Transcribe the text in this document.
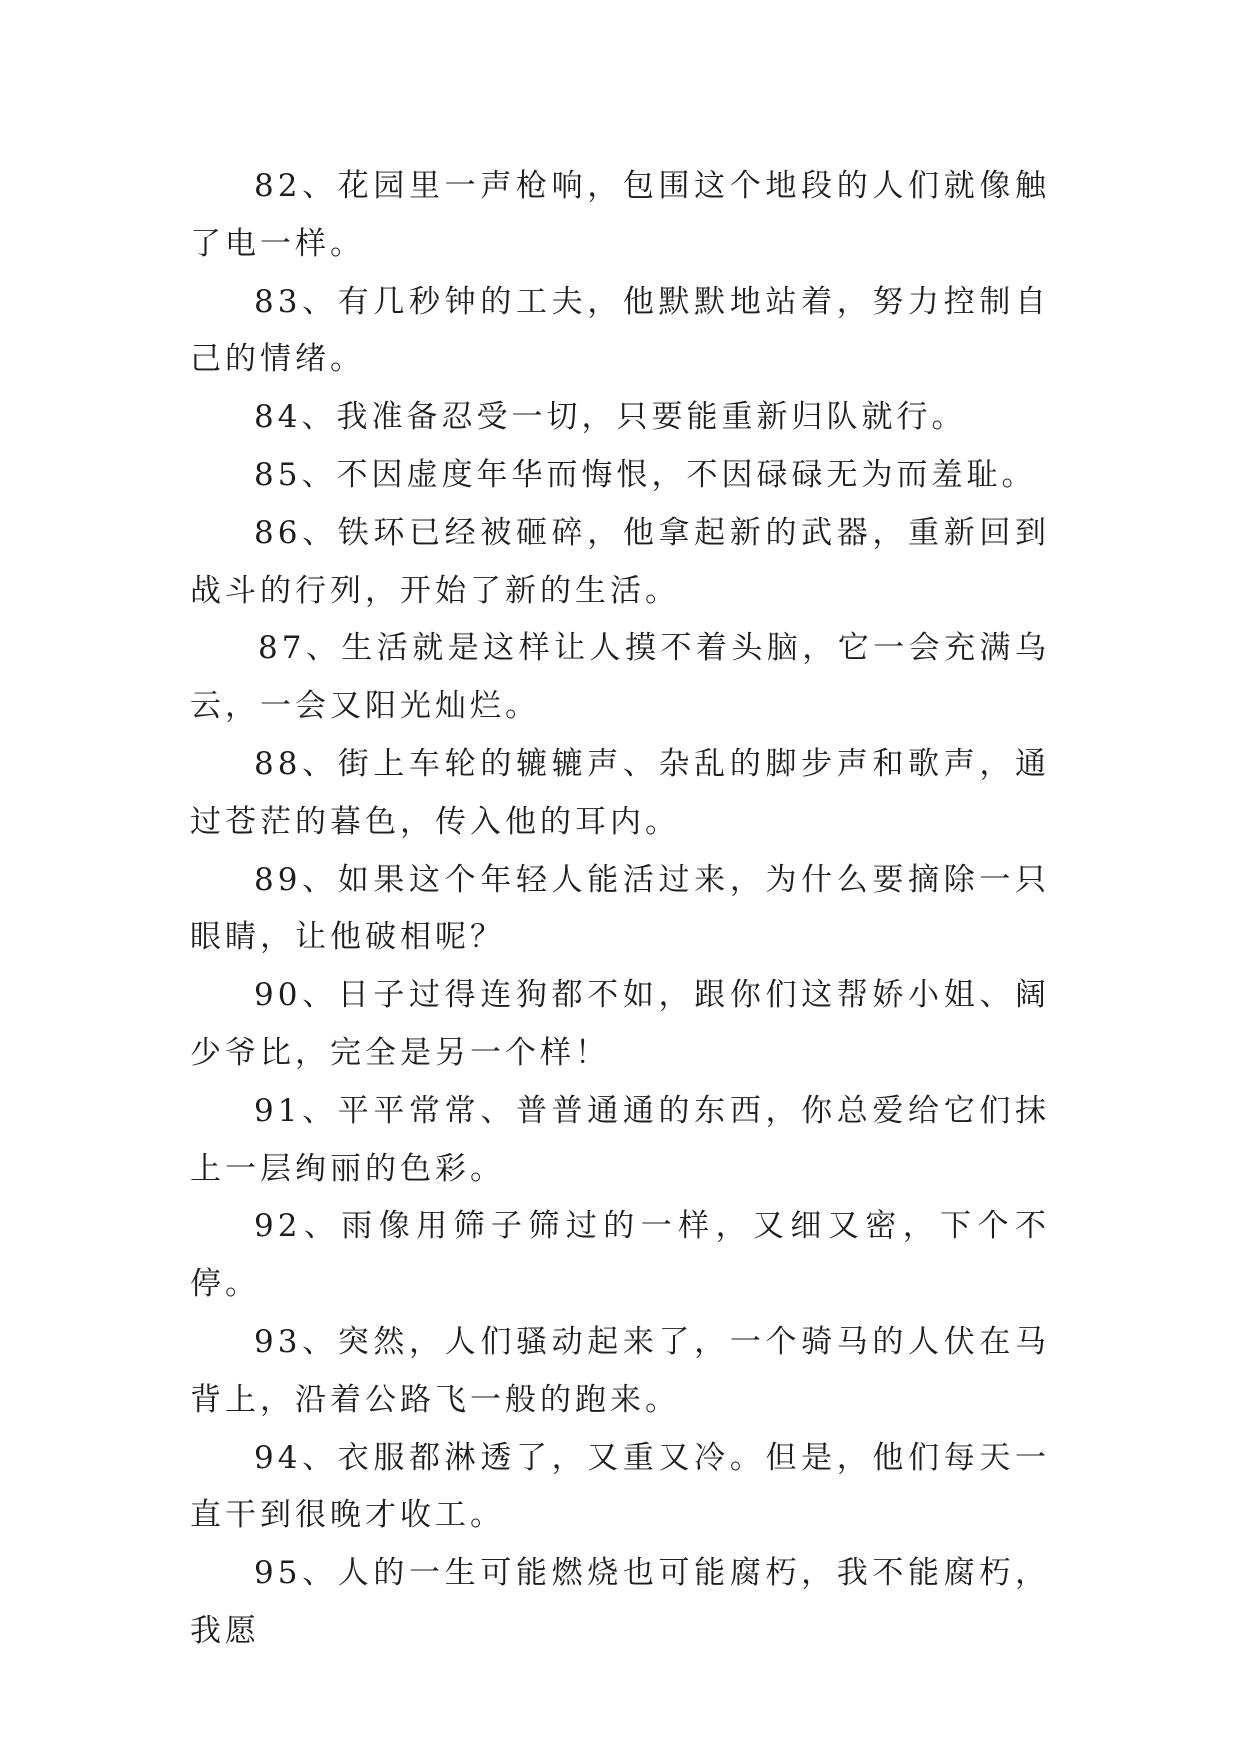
82、花园里一声枪响，包围这个地段的人们就像触了电一样。

83、有几秒钟的工夫，他默默地站着，努力控制自己的情绪。

84、我准备忍受一切，只要能重新归队就行。

85、不因虚度年华而悔恨，不因碌碌无为而羞耻。

86、铁环已经被砸碎，他拿起新的武器，重新回到战斗的行列，开始了新的生活。

87、生活就是这样让人摸不着头脑，它一会充满乌云，一会又阳光灿烂。

88、街上车轮的辘辘声、杂乱的脚步声和歌声，通过苍茫的暮色，传入他的耳内。

89、如果这个年轻人能活过来，为什么要摘除一只眼睛，让他破相呢？

90、日子过得连狗都不如，跟你们这帮娇小姐、阔少爷比，完全是另一个样！

91、平平常常、普普通通的东西，你总爱给它们抹上一层绚丽的色彩。

92、雨像用筛子筛过的一样，又细又密，下个不停。

93、突然，人们骚动起来了，一个骑马的人伏在马背上，沿着公路飞一般的跑来。

94、衣服都淋透了，又重又冷。但是，他们每天一直干到很晚才收工。

95、人的一生可能燃烧也可能腐朽，我不能腐朽，我愿
